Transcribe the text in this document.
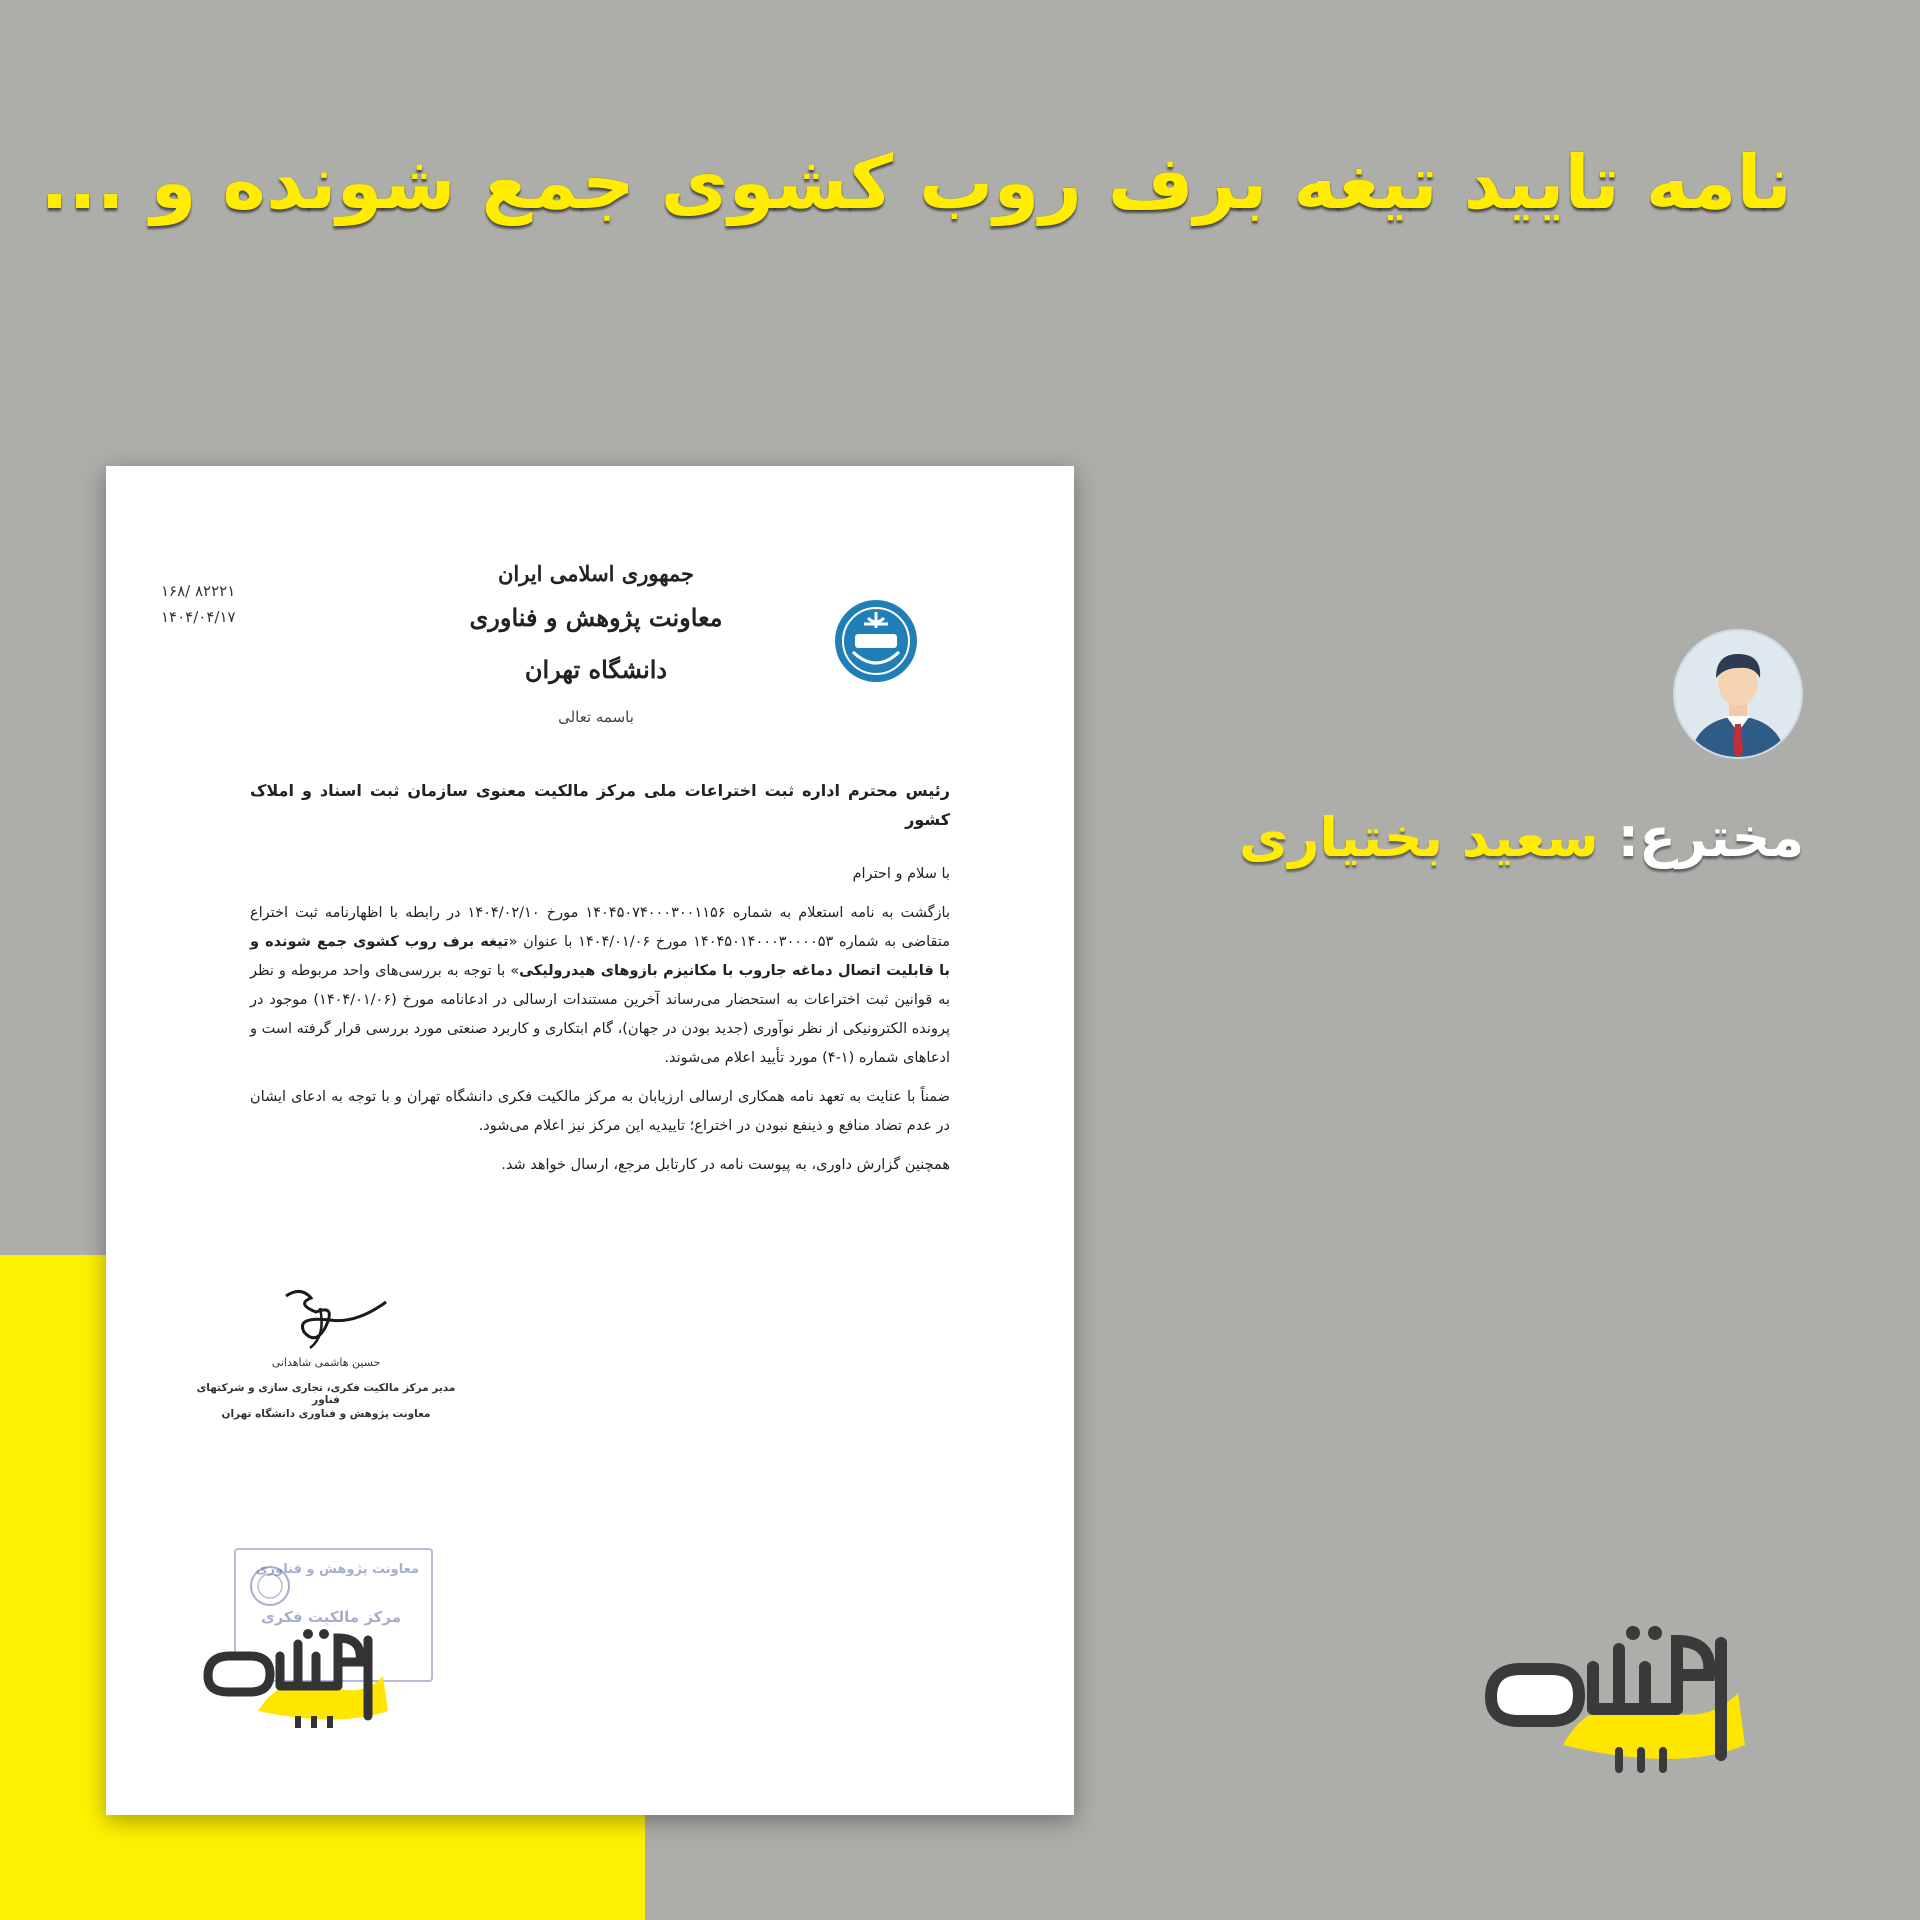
نامه تایید تیغه برف روب کشوی جمع شونده و ...
۱۶۸/ ۸۲۲۲۱
۱۴۰۴/۰۴/۱۷
جمهوری اسلامی ایران
معاونت پژوهش و فناوری دانشگاه تهران
باسمه تعالی

رئیس محترم اداره ثبت اختراعات ملی مرکز مالکیت معنوی سازمان ثبت اسناد و املاک کشور

با سلام و احترام

بازگشت به نامه استعلام به شماره ۱۴۰۴۵۰۷۴۰۰۰۳۰۰۱۱۵۶ مورخ ۱۴۰۴/۰۲/۱۰ در رابطه با اظهارنامه ثبت اختراع متقاضی به شماره ۱۴۰۴۵۰۱۴۰۰۰۳۰۰۰۰۵۳ مورخ ۱۴۰۴/۰۱/۰۶ با عنوان «تیغه برف روب کشوی جمع شونده و با قابلیت اتصال دماغه جاروب با مکانیزم بازوهای هیدرولیکی» با توجه به بررسی‌های واحد مربوطه و نظر به قوانین ثبت اختراعات به استحضار می‌رساند آخرین مستندات ارسالی در ادعانامه مورخ (۱۴۰۴/۰۱/۰۶) موجود در پرونده الکترونیکی از نظر نوآوری (جدید بودن در جهان)، گام ابتکاری و کاربرد صنعتی مورد بررسی قرار گرفته است و ادعاهای شماره (۱-۴) مورد تأیید اعلام می‌شوند.

ضمناً با عنایت به تعهد نامه همکاری ارسالی ارزیابان به مرکز مالکیت فکری دانشگاه تهران و با توجه به ادعای ایشان در عدم تضاد منافع و ذینفع نبودن در اختراع؛ تاییدیه این مرکز نیز اعلام می‌شود.

همچنین گزارش داوری، به پیوست نامه در کارتابل مرجع، ارسال خواهد شد.

حسین هاشمی شاهدانی
مدیر مرکز مالکیت فکری، تجاری سازی و شرکتهای فناور
معاونت پژوهش و فناوری دانشگاه تهران
معاونت پژوهش و فناوری
مرکز مالکیت فکری
مخترع: سعید بختیاری
